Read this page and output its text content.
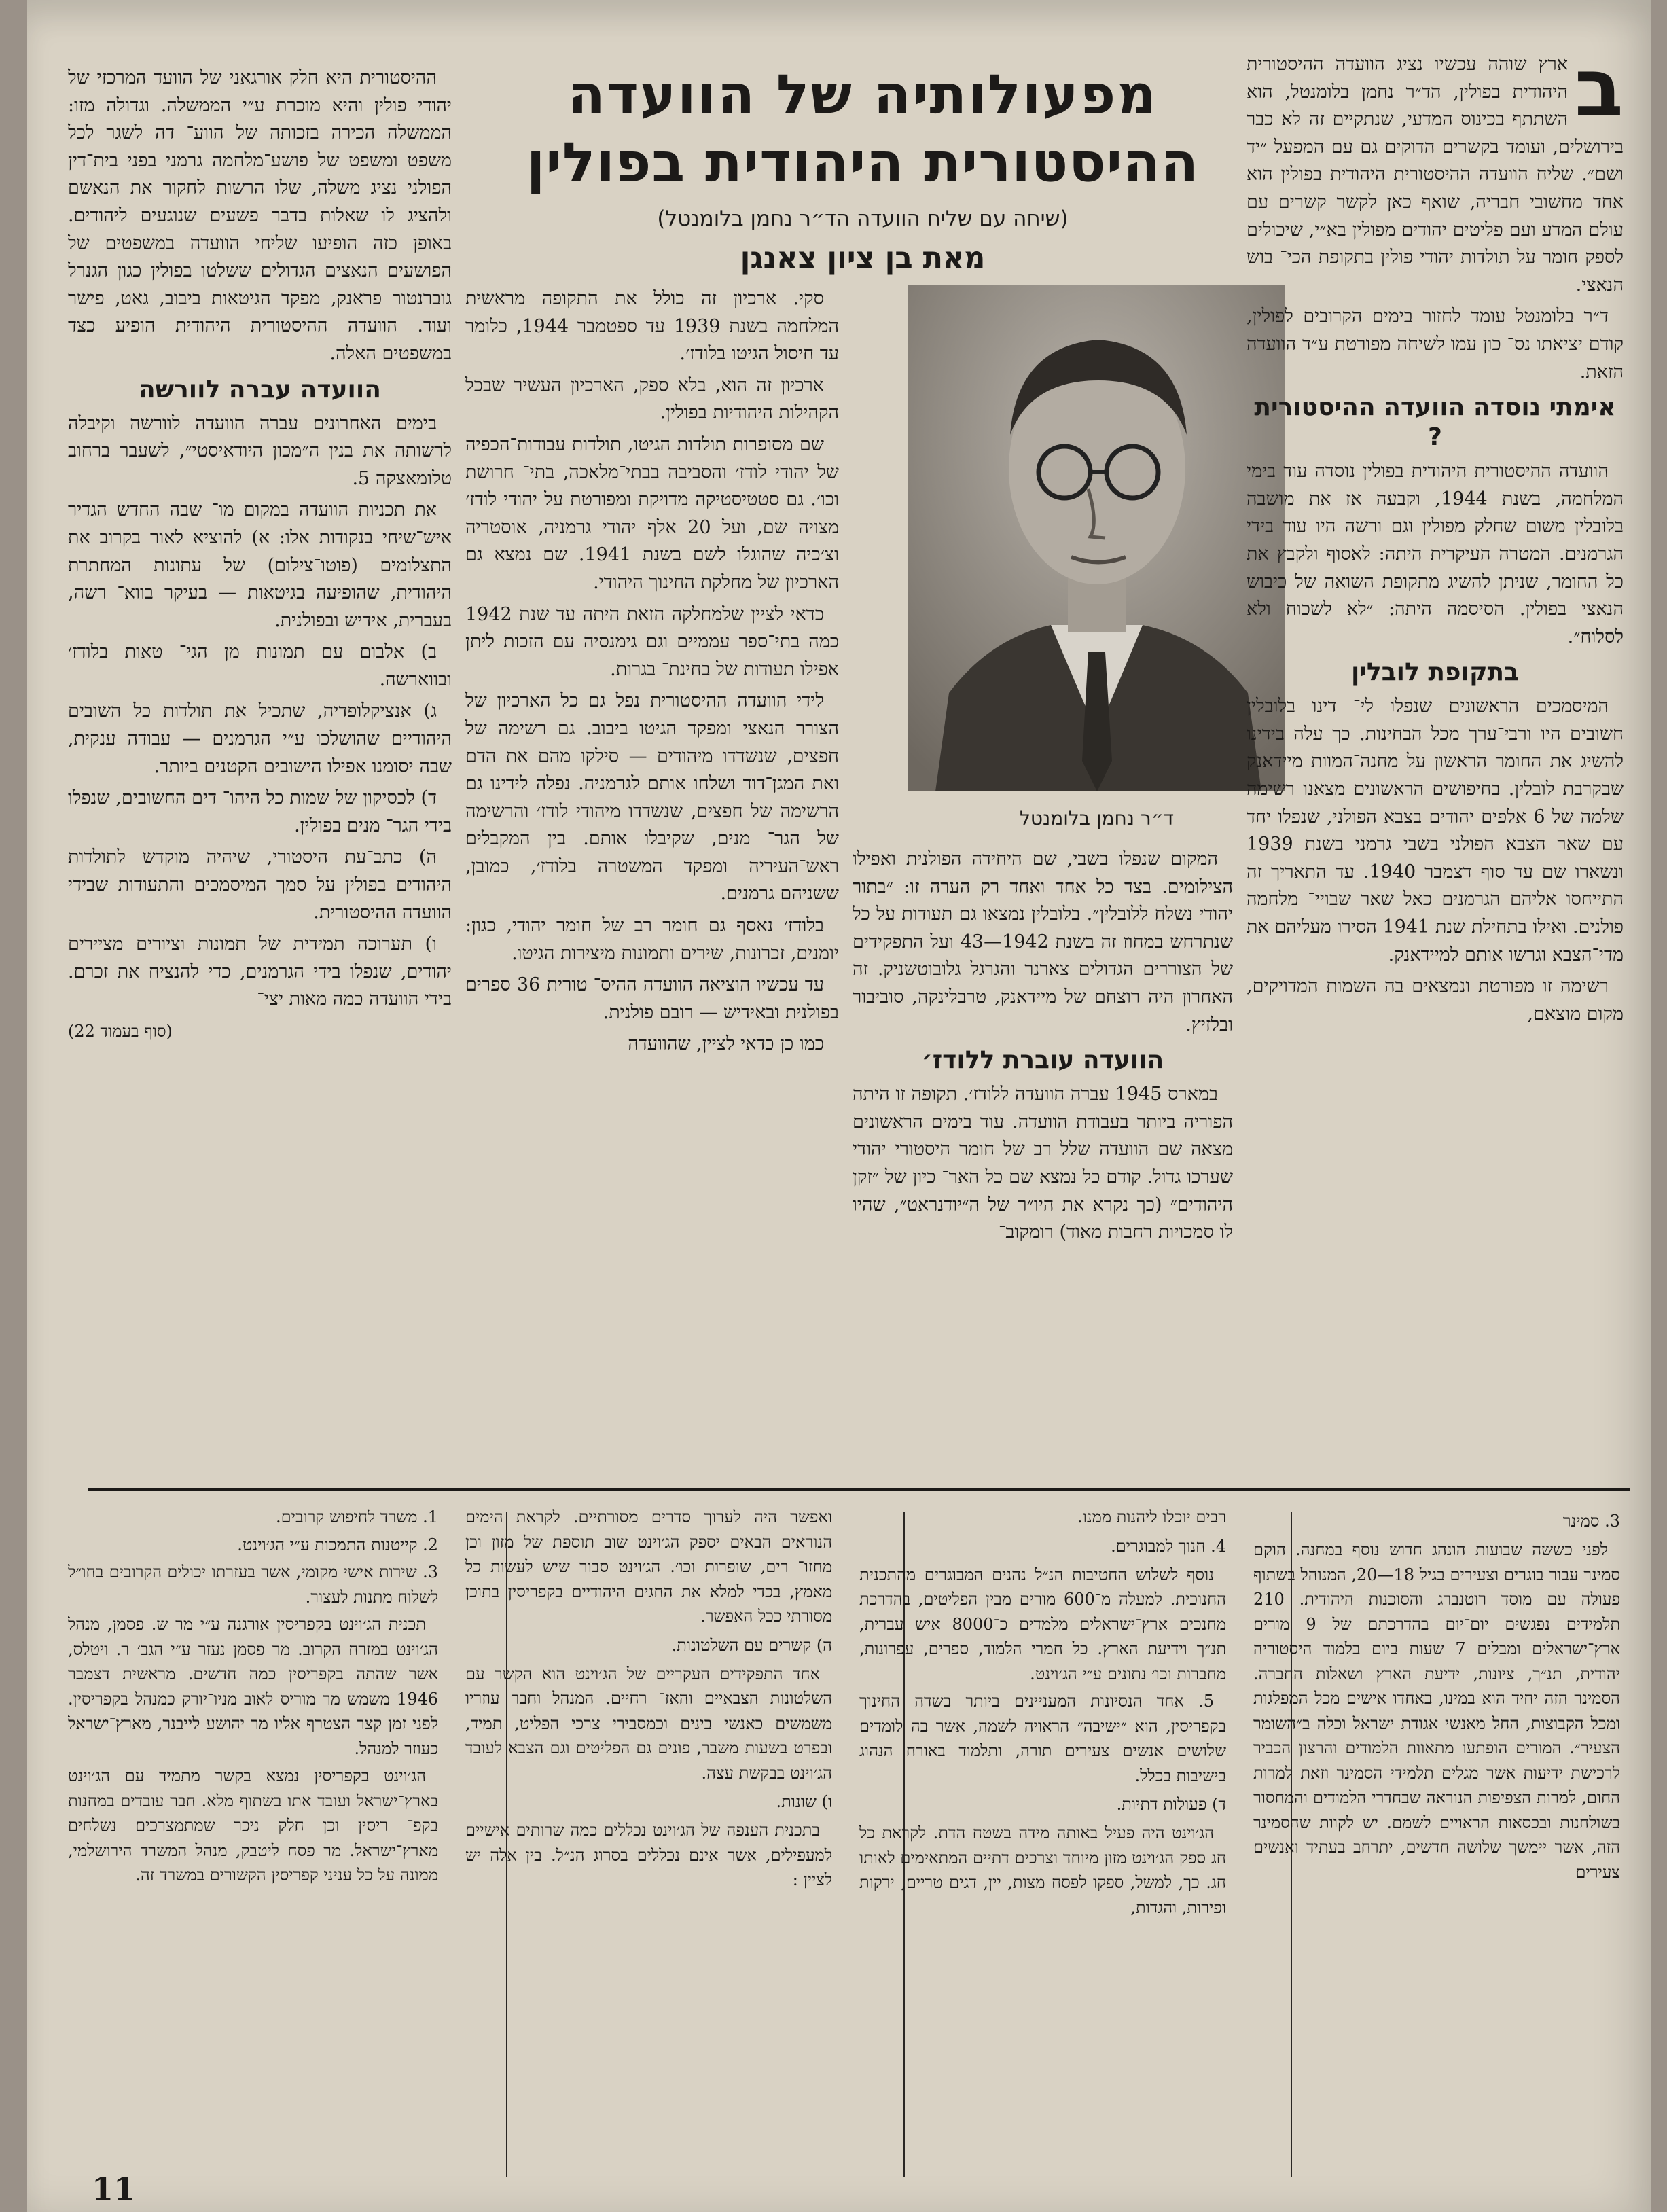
מפעולותיה של הוועדה
ההיסטורית היהודית בפולין
(שיחה עם שליח הוועדה הד״ר נחמן בלומנטל)
מאת בן ציון צאנגן
ד״ר נחמן בלומנטל
ב

ארץ שוהה עכשיו נציג הוועדה ההיסטורית היהודית בפולין, הד״ר נחמן בלומנטל, הוא השתתף בכינוס המדעי, שנתקיים זה לא כבר בירושלים, ועומד בקשרים הדוקים גם עם המפעל ״יד ושם״. שליח הוועדה ההיסטורית היהודית בפולין הוא אחד מחשובי חבריה, שואף כאן לקשר קשרים עם עולם המדע ועם פליטים יהודים מפולין בא״י, שיכולים לספק חומר על תולדות יהודי פולין בתקופת הכי־ בוש הנאצי.

ד״ר בלומנטל עומד לחזור בימים הקרובים לפולין, קודם יציאתו נס־ כון עמו לשיחה מפורטת ע״ד הוועדה הזאת.

אימתי נוסדה הוועדה ההיסטורית ?

הוועדה ההיסטורית היהודית בפולין נוסדה עוד בימי המלחמה, בשנת 1944, וקבעה אז את מושבה בלובלין משום שחלק מפולין וגם ורשה היו עוד בידי הגרמנים. המטרה העיקרית היתה: לאסוף ולקבץ את כל החומר, שניתן להשיג מתקופת השואה של כיבוש הנאצי בפולין. הסיסמה היתה: ״לא לשכוח ולא לסלוח״.

בתקופת לובלין

המיסמכים הראשונים שנפלו לי־ דינו בלובלין חשובים היו ורבי־ערך מכל הבחינות. כך עלה בידינו להשיג את החומר הראשון על מחנה־המוות מיידאנק שבקרבת לובלין. בחיפושים הראשונים מצאנו רשימה שלמה של 6 אלפים יהודים בצבא הפולני, שנפלו יחד עם שאר הצבא הפולני בשבי גרמני בשנת 1939 ונשארו שם עד סוף דצמבר 1940. עד התאריך זה התייחסו אליהם הגרמנים כאל שאר שבויי־ מלחמה פולנים. ואילו בתחילת שנת 1941 הסירו מעליהם את מדי־הצבא וגרשו אותם למיידאנק.

רשימה זו מפורטת ונמצאים בה השמות המדויקים, מקום מוצאם,

המקום שנפלו בשבי, שם היחידה הפולנית ואפילו הצילומים. בצד כל אחד ואחד רק הערה זו: ״בתור יהודי נשלח ללובלין״. בלובלין נמצאו גם תעודות על כל שנתרחש במחוז זה בשנת 1942—43 ועל התפקידים של הצוררים הגדולים צארנר והגרגל גלובוטשניק. זה האחרון היה רוצחם של מיידאנק, טרבלינקה, סוביבור ובלזיץ.

הוועדה עוברת ללודז׳

במארס 1945 עברה הוועדה ללודז׳. תקופה זו היתה הפוריה ביותר בעבודת הוועדה. עוד בימים הראשונים מצאה שם הוועדה שלל רב של חומר היסטורי יהודי שערכו גדול. קודם כל נמצא שם כל האר־ כיון של ״זקן היהודים״ (כך נקרא את היו״ר של ה״יודנראט״, שהיו לו סמכויות רחבות מאוד) רומקוב־

סקי. ארכיון זה כולל את התקופה מראשית המלחמה בשנת 1939 עד ספטמבר 1944, כלומר עד חיסול הגיטו בלודז׳.

ארכיון זה הוא, בלא ספק, הארכיון העשיר שבכל הקהילות היהודיות בפולין.

שם מסופרות תולדות הגיטו, תולדות עבודות־הכפיה של יהודי לודז׳ והסביבה בבתי־מלאכה, בתי־ חרושת וכו׳. גם סטטיסטיקה מדויקת ומפורטת על יהודי לודז׳ מצויה שם, ועל 20 אלף יהודי גרמניה, אוסטריה וצ׳כיה שהוגלו לשם בשנת 1941. שם נמצא גם הארכיון של מחלקת החינוך היהודי.

כדאי לציין שלמחלקה הזאת היתה עד שנת 1942 כמה בתי־ספר עממיים וגם גימנסיה עם הזכות ליתן אפילו תעודות של בחינת־ בגרות.

לידי הוועדה ההיסטורית נפל גם כל הארכיון של הצורר הנאצי ומפקד הגיטו ביבוב. גם רשימה של חפצים, שנשדדו מיהודים — סילקו מהם את הדם ואת המגן־דוד ושלחו אותם לגרמניה. נפלה לידינו גם הרשימה של חפצים, שנשדדו מיהודי לודז׳ והרשימה של הגר־ מנים, שקיבלו אותם. בין המקבלים ראש־העיריה ומפקד המשטרה בלודז׳, כמובן, ששניהם גרמנים.

בלודז׳ נאסף גם חומר רב של חומר יהודי, כגון: יומנים, זכרונות, שירים ותמונות מיצירות הגיטו.

עד עכשיו הוציאה הוועדה ההיס־ טורית 36 ספרים בפולנית ובאידיש — רובם פולנית.

כמו כן כדאי לציין, שהוועדה

ההיסטורית היא חלק אורגאני של הוועד המרכזי של יהודי פולין והיא מוכרת ע״י הממשלה. וגדולה מזו: הממשלה הכירה בזכותה של הווע־ דה לשגר לכל משפט ומשפט של פושע־מלחמה גרמני בפני בית־דין הפולני נציג משלה, שלו הרשות לחקור את הנאשם ולהציג לו שאלות בדבר פשעים שנוגעים ליהודים. באופן כזה הופיעו שליחי הוועדה במשפטים של הפושעים הנאצים הגדולים ששלטו בפולין כגון הגנרל גוברנטור פראנק, מפקד הגיטאות ביבוב, גאט, פישר ועוד. הוועדה ההיסטורית היהודית הופיע כצד במשפטים האלה.

הוועדה עברה לוורשה

בימים האחרונים עברה הוועדה לוורשה וקיבלה לרשותה את בנין ה״מכון היודאיסטי״, לשעבר ברחוב טלומאצקה 5.

את תכניות הוועדה במקום מו־ שבה החדש הגדיר איש־שיחי בנקודות אלו: א) להוציא לאור בקרוב את התצלומים (פוטו־צילום) של עתונות המחתרת היהודית, שהופיעה בגיטאות — בעיקר בווא־ רשה, בעברית, אידיש ובפולנית.

ב) אלבום עם תמונות מן הגי־ טאות בלודז׳ ובווארשה.

ג) אנציקלופדיה, שתכיל את תולדות כל השובים היהודיים שהושלכו ע״י הגרמנים — עבודה ענקית, שבה יסומנו אפילו הישובים הקטנים ביותר.

ד) לכסיקון של שמות כל היהו־ דים החשובים, שנפלו בידי הגר־ מנים בפולין.

ה) כתב־עת היסטורי, שיהיה מוקדש לתולדות היהודים בפולין על סמך המיסמכים והתעודות שבידי הוועדה ההיסטורית.

ו) תערוכה תמידית של תמונות וציורים מציירים יהודים, שנפלו בידי הגרמנים, כדי להנציח את זכרם. בידי הוועדה כמה מאות יצי־

(סוף בעמוד 22)
3. סמינר

לפני כששה שבועות הונהג חדוש נוסף במחנה. הוקם סמינר עבור בוגרים וצעירים בגיל 18—20, המנוהל בשתוף פעולה עם מוסד רוטנברג והסוכנות היהודית. 210 תלמידים נפגשים יום־יום בהדרכתם של 9 מורים ארץ־ישראלים ומבלים 7 שעות ביום בלמוד היסטוריה יהודית, תנ״ך, ציונות, ידיעת הארץ ושאלות החברה. הסמינר הזה יחיד הוא במינו, באחדו אישים מכל המפלגות ומכל הקבוצות, החל מאנשי אגודת ישראל וכלה ב״השומר הצעיר״. המורים הופתעו מתאוות הלמודים והרצון הכביר לרכישת ידיעות אשר מגלים תלמידי הסמינר וזאת למרות החום, למרות הצפיפות הנוראה שבחדרי הלמודים והמחסור בשולחנות ובכסאות הראויים לשמם. יש לקוות שהסמינר הזה, אשר יימשך שלושה חדשים, יתרחב בעתיד ואנשים צעירים

רבים יוכלו ליהנות ממנו.

4. חנוך למבוגרים.

נוסף לשלוש החטיבות הנ״ל נהנים המבוגרים מהתכנית החנוכית. למעלה מ־600 מורים מבין הפליטים, בהדרכת מחנכים ארץ־ישראלים מלמדים כ־8000 איש עברית, תנ״ך וידיעת הארץ. כל חמרי הלמוד, ספרים, עפרונות, מחברות וכו׳ נתונים ע״י הג׳וינט.

5. אחד הנסיונות המעניינים ביותר בשדה החינוך בקפריסין, הוא ״ישיבה״ הראויה לשמה, אשר בה לומדים שלושים אנשים צעירים תורה, ותלמוד באורח הנהוג בישיבות בכלל.

ד) פעולות דתיות.

הג׳וינט היה פעיל באותה מידה בשטח הדת. לקראת כל חג ספק הג׳וינט מזון מיוחד וצרכים דתיים המתאימים לאותו חג. כך, למשל, ספקו לפסח מצות, יין, דגים טריים, ירקות ופירות, והגדות,

ואפשר היה לערוך סדרים מסורתיים. לקראת הימים הנוראים הבאים יספק הג׳וינט שוב תוספת של מזון וכן מחזו־ רים, שופרות וכו׳. הג׳וינט סבור שיש לעשות כל מאמץ, בכדי למלא את החגים היהודיים בקפריסין בתוכן מסורתי ככל האפשר.

ה) קשרים עם השלטונות.

אחד התפקידים העקריים של הג׳וינט הוא הקשר עם השלטונות הצבאיים והאז־ רחיים. המנהל וחבר עוזריו משמשים כאנשי בינים וכמסבירי צרכי הפליט, תמיד, ובפרט בשעות משבר, פונים גם הפליטים וגם הצבא לעובד הג׳וינט בבקשת עצה.

ו) שונות.

בתכנית הענפה של הג׳וינט נכללים כמה שרותים אישיים למעפילים, אשר אינם נכללים בסרוג הנ״ל. בין אלה יש לציין :

1. משרד לחיפוש קרובים.

2. קייטנות התמכות ע״י הג׳וינט.

3. שירות אישי מקומי, אשר בעזרתו יכולים הקרובים בחו״ל לשלוח מתנות לעצור.

תכנית הג׳וינט בקפריסין אורגנה ע״י מר ש. פסמן, מנהל הג׳וינט במזרח הקרוב. מר פסמן נעזר ע״י הגב׳ ר. ויטלס, אשר שהתה בקפריסין כמה חדשים. מראשית דצמבר 1946 משמש מר מוריס לאוב מניו־יורק כמנהל בקפריסין. לפני זמן קצר הצטרף אליו מר יהושע לייבנר, מארץ־ישראל כעוזר למנהל.

הג׳וינט בקפריסין נמצא בקשר מתמיד עם הג׳וינט בארץ־ישראל ועובד אתו בשתוף מלא. חבר עובדים במחנות בקפ־ ריסין וכן חלק ניכר שמתמצרכים נשלחים מארץ־ישראל. מר פסח ליטבק, מנהל המשרד הירושלמי, ממונה על כל עניני קפריסין הקשורים במשרד זה.

11
